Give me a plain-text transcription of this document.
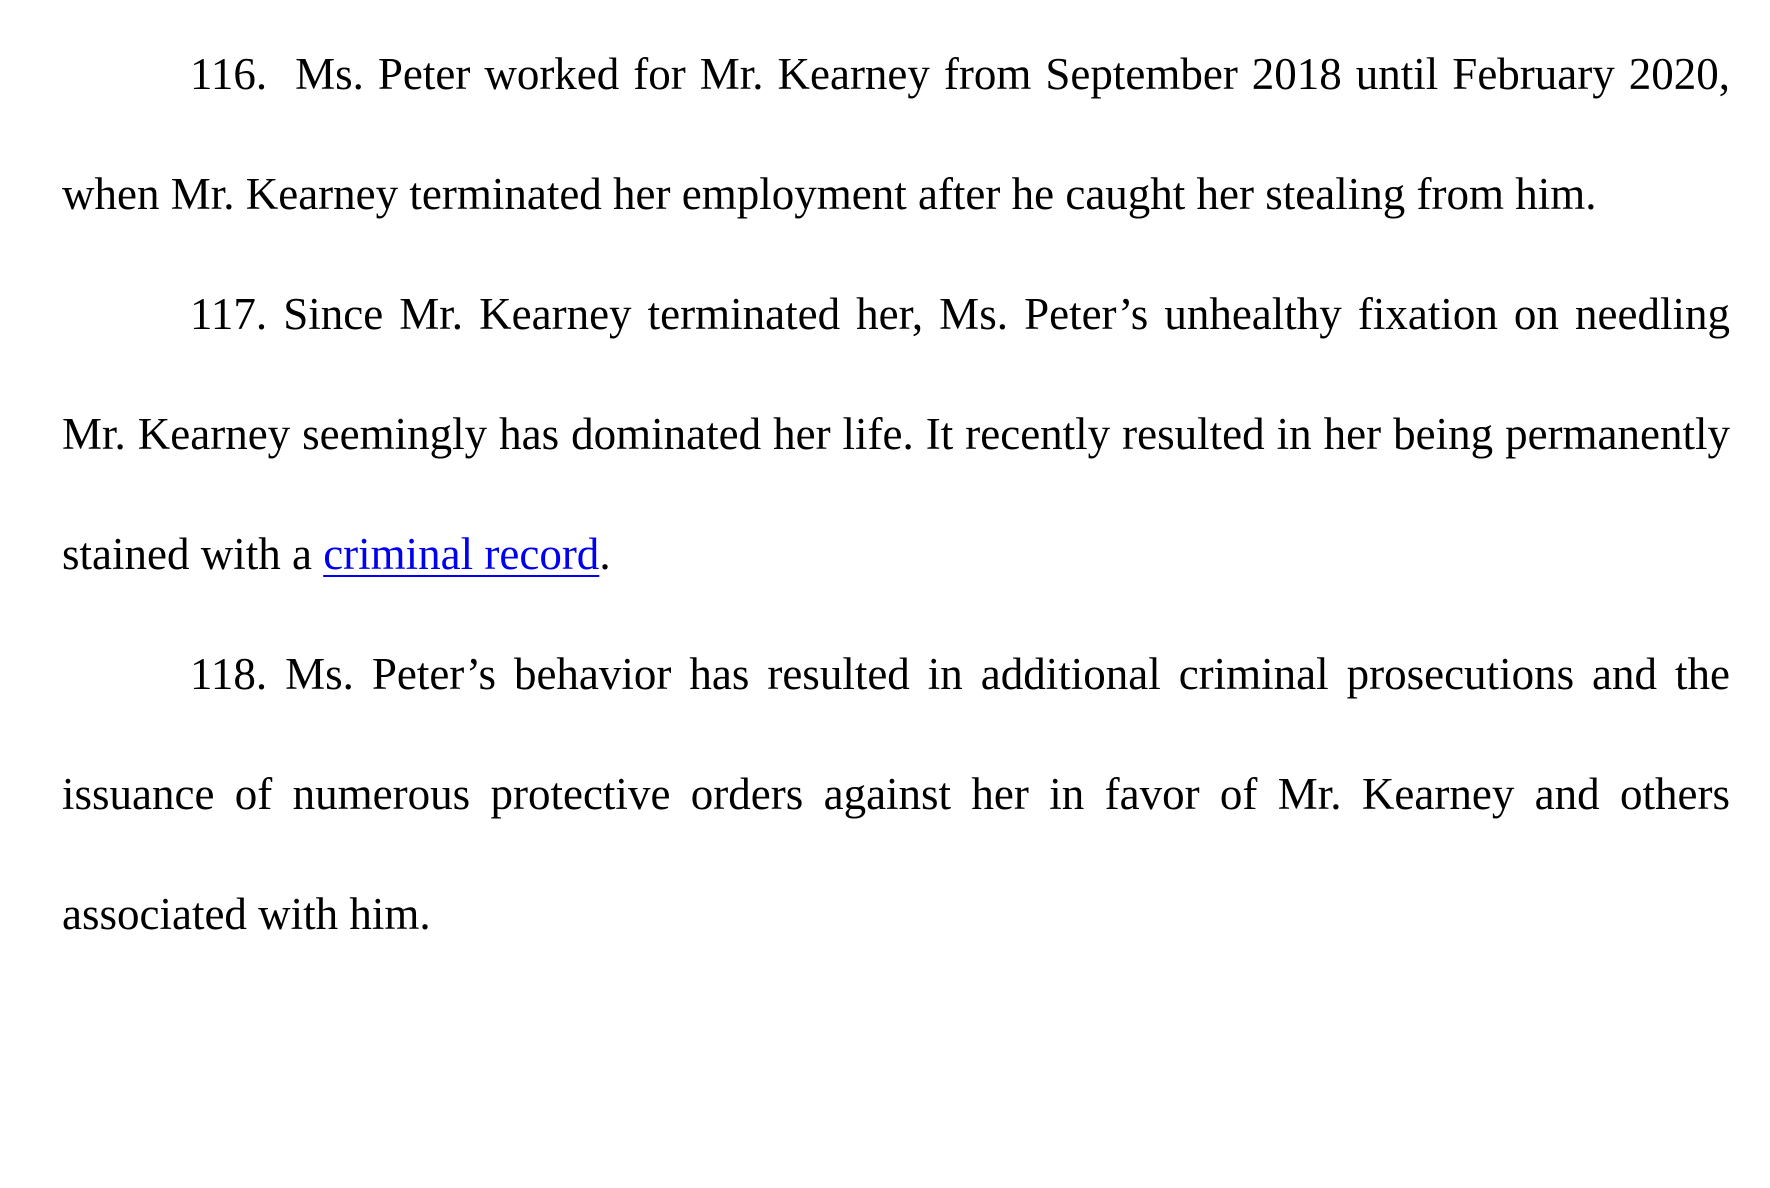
116. Ms. Peter worked for Mr. Kearney from September 2018 until February 2020, when Mr. Kearney terminated her employment after he caught her stealing from him.

117. Since Mr. Kearney terminated her, Ms. Peter’s unhealthy fixation on needling Mr. Kearney seemingly has dominated her life. It recently resulted in her being permanently stained with a criminal record.

118. Ms. Peter’s behavior has resulted in additional criminal prosecutions and the issuance of numerous protective orders against her in favor of Mr. Kearney and others associated with him.
